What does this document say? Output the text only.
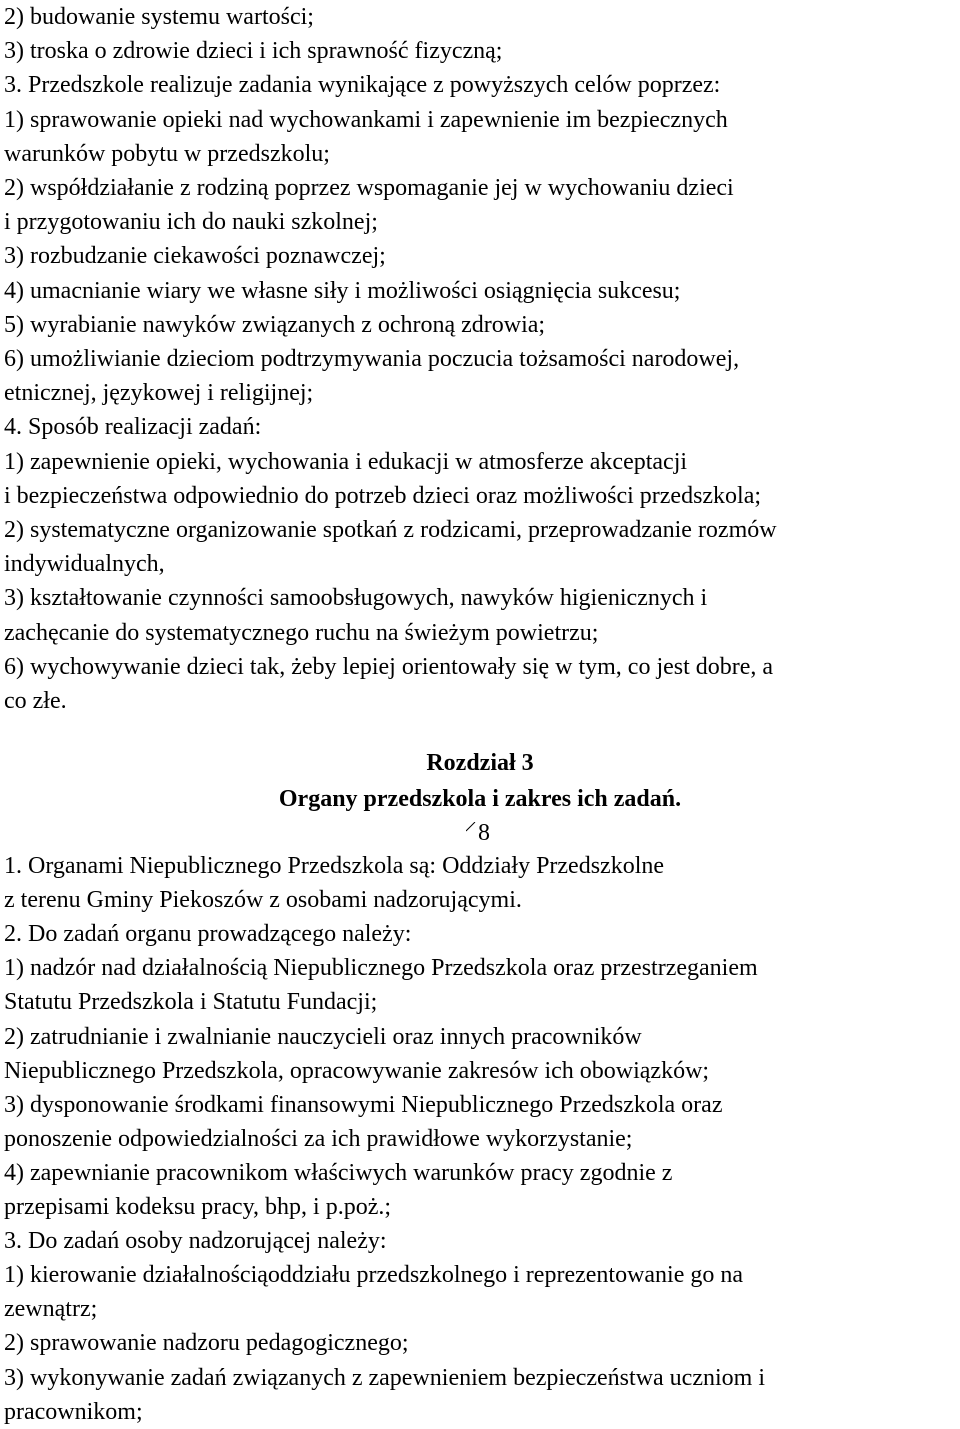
2) budowanie systemu wartości;
3) troska o zdrowie dzieci i ich sprawność fizyczną;
3. Przedszkole realizuje zadania wynikające z powyższych celów poprzez:
1) sprawowanie opieki nad wychowankami i zapewnienie im bezpiecznych
warunków pobytu w przedszkolu;
2) współdziałanie z rodziną poprzez wspomaganie jej w wychowaniu dzieci
i przygotowaniu ich do nauki szkolnej;
3) rozbudzanie ciekawości poznawczej;
4) umacnianie wiary we własne siły i możliwości osiągnięcia sukcesu;
5) wyrabianie nawyków związanych z ochroną zdrowia;
6) umożliwianie dzieciom podtrzymywania poczucia tożsamości narodowej,
etnicznej, językowej i religijnej;
4. Sposób realizacji zadań:
1) zapewnienie opieki, wychowania i edukacji w atmosferze akceptacji
i bezpieczeństwa odpowiednio do potrzeb dzieci oraz możliwości przedszkola;
2) systematyczne organizowanie spotkań z rodzicami, przeprowadzanie rozmów
indywidualnych,
3) kształtowanie czynności samoobsługowych, nawyków higienicznych i
zachęcanie do systematycznego ruchu na świeżym powietrzu;
6) wychowywanie dzieci tak, żeby lepiej orientowały się w tym, co jest dobre, a
co złe.
Rozdział 3
Organy przedszkola i zakres ich zadań.
8
1. Organami Niepublicznego Przedszkola są: Oddziały Przedszkolne
z terenu Gminy Piekoszów z osobami nadzorującymi.
2. Do zadań organu prowadzącego należy:
1) nadzór nad działalnością Niepublicznego Przedszkola oraz przestrzeganiem
Statutu Przedszkola i Statutu Fundacji;
2) zatrudnianie i zwalnianie nauczycieli oraz innych pracowników
Niepublicznego Przedszkola, opracowywanie zakresów ich obowiązków;
3) dysponowanie środkami finansowymi Niepublicznego Przedszkola oraz
ponoszenie odpowiedzialności za ich prawidłowe wykorzystanie;
4) zapewnianie pracownikom właściwych warunków pracy zgodnie z
przepisami kodeksu pracy, bhp, i p.poż.;
3. Do zadań osoby nadzorującej należy:
1) kierowanie działalnościąoddziału przedszkolnego i reprezentowanie go na
zewnątrz;
2) sprawowanie nadzoru pedagogicznego;
3) wykonywanie zadań związanych z zapewnieniem bezpieczeństwa uczniom i
pracownikom;
